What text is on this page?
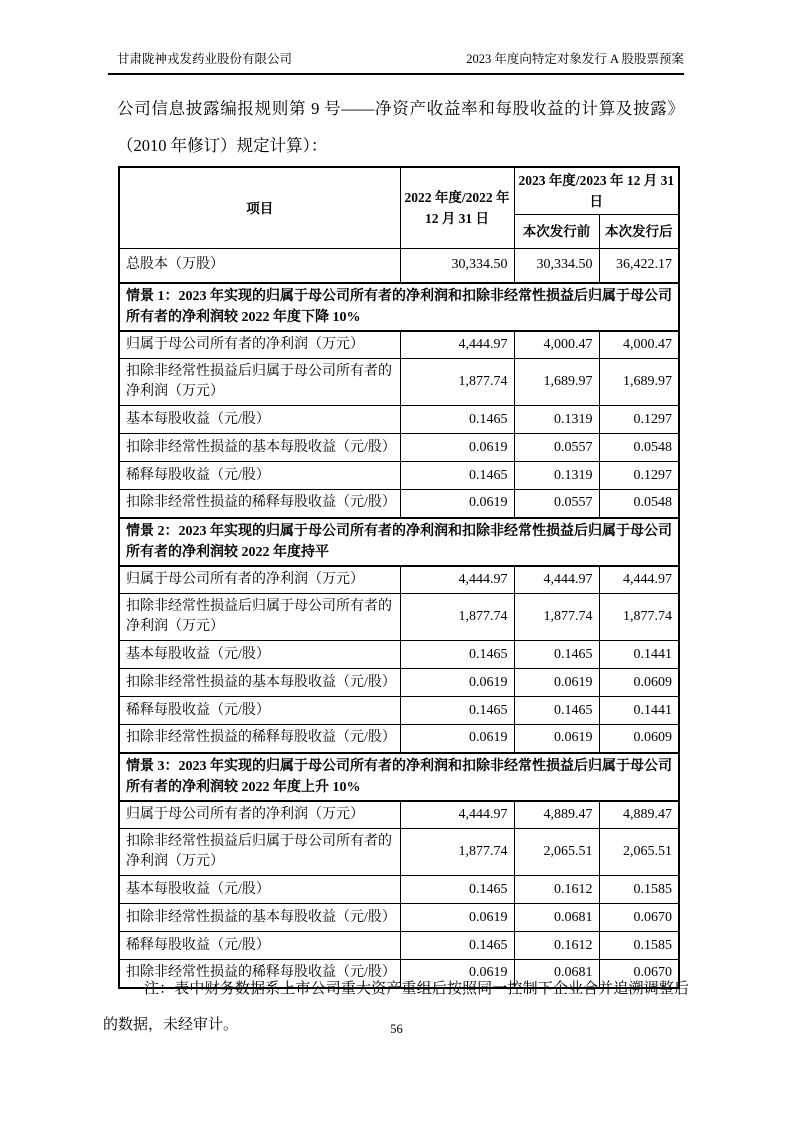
甘肃陇神戎发药业股份有限公司	2023 年度向特定对象发行 A 股股票预案
公司信息披露编报规则第 9 号——净资产收益率和每股收益的计算及披露》
（2010 年修订）规定计算）：
项目	2022 年度/2022 年 12 月 31 日	2023 年度/2023 年 12 月 31 日	
		本次发行前	本次发行后
总股本（万股）	30,334.50	30,334.50	36,422.17
情景 1：2023 年实现的归属于母公司所有者的净利润和扣除非经常性损益后归属于母公司所有者的净利润较 2022 年度下降 10%			
归属于母公司所有者的净利润（万元）	4,444.97	4,000.47	4,000.47
扣除非经常性损益后归属于母公司所有者的净利润（万元）	1,877.74	1,689.97	1,689.97
基本每股收益（元/股）	0.1465	0.1319	0.1297
扣除非经常性损益的基本每股收益（元/股）	0.0619	0.0557	0.0548
稀释每股收益（元/股）	0.1465	0.1319	0.1297
扣除非经常性损益的稀释每股收益（元/股）	0.0619	0.0557	0.0548
情景 2：2023 年实现的归属于母公司所有者的净利润和扣除非经常性损益后归属于母公司所有者的净利润较 2022 年度持平			
归属于母公司所有者的净利润（万元）	4,444.97	4,444.97	4,444.97
扣除非经常性损益后归属于母公司所有者的净利润（万元）	1,877.74	1,877.74	1,877.74
基本每股收益（元/股）	0.1465	0.1465	0.1441
扣除非经常性损益的基本每股收益（元/股）	0.0619	0.0619	0.0609
稀释每股收益（元/股）	0.1465	0.1465	0.1441
扣除非经常性损益的稀释每股收益（元/股）	0.0619	0.0619	0.0609
情景 3：2023 年实现的归属于母公司所有者的净利润和扣除非经常性损益后归属于母公司所有者的净利润较 2022 年度上升 10%			
归属于母公司所有者的净利润（万元）	4,444.97	4,889.47	4,889.47
扣除非经常性损益后归属于母公司所有者的净利润（万元）	1,877.74	2,065.51	2,065.51
基本每股收益（元/股）	0.1465	0.1612	0.1585
扣除非经常性损益的基本每股收益（元/股）	0.0619	0.0681	0.0670
稀释每股收益（元/股）	0.1465	0.1612	0.1585
扣除非经常性损益的稀释每股收益（元/股）	0.0619	0.0681	0.0670
注：表中财务数据系上市公司重大资产重组后按照同一控制下企业合并追溯调整后的数据，未经审计。	56
